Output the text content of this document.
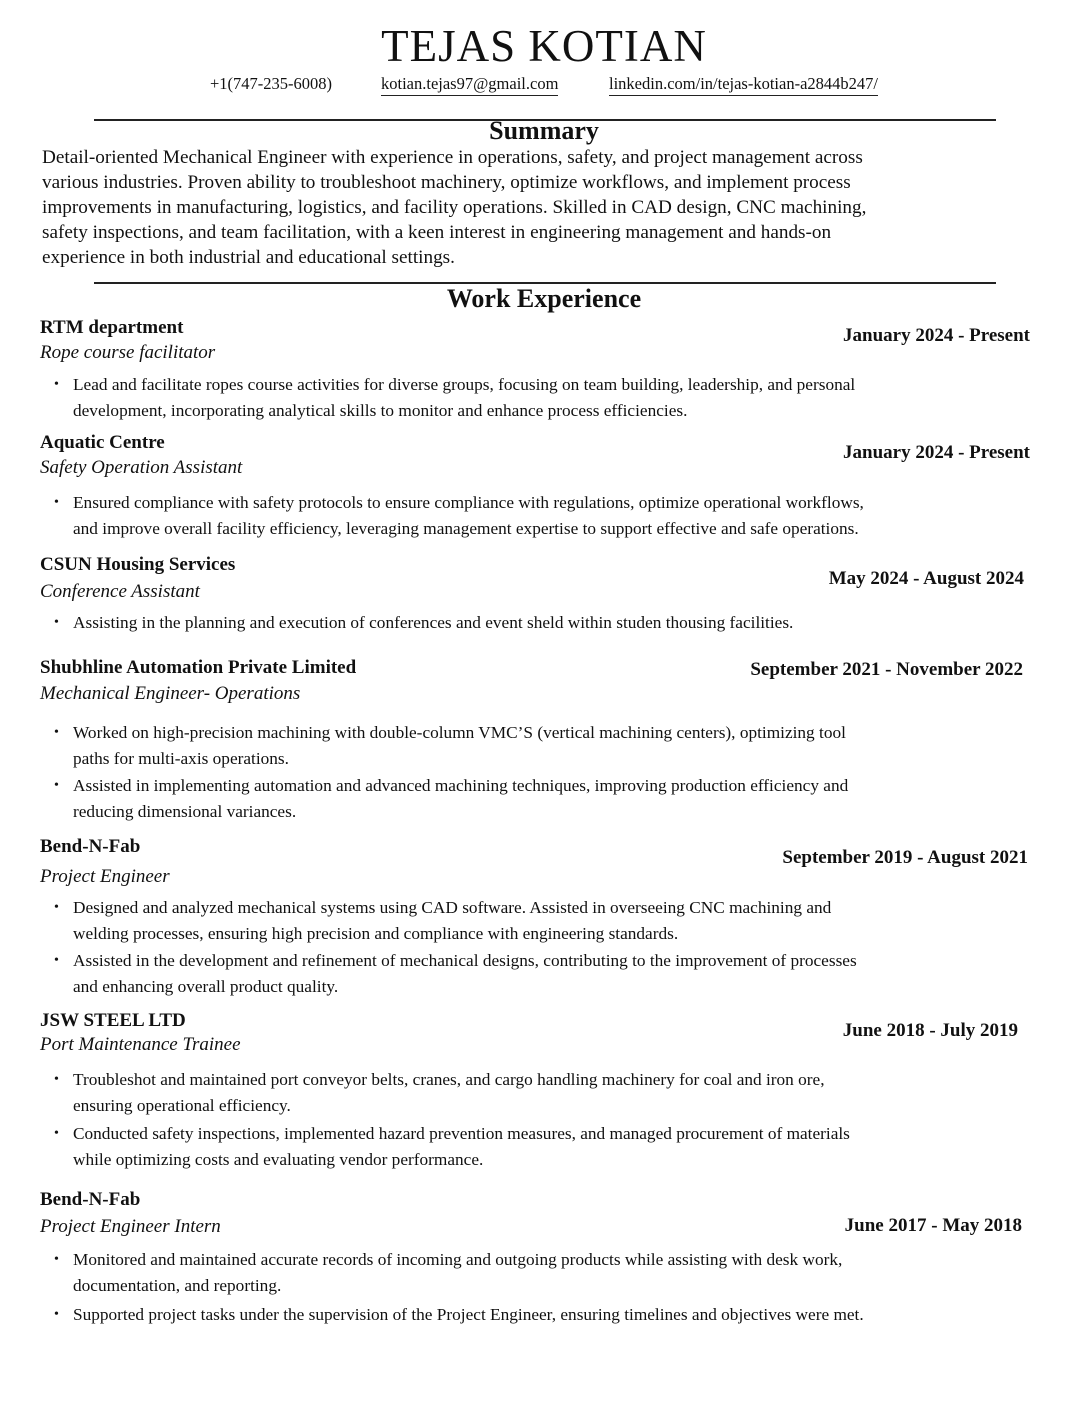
TEJAS KOTIAN
+1(747-235-6008)	kotian.tejas97@gmail.com	linkedin.com/in/tejas-kotian-a2844b247/
Summary
Detail-oriented Mechanical Engineer with experience in operations, safety, and project management across
various industries. Proven ability to troubleshoot machinery, optimize workflows, and implement process
improvements in manufacturing, logistics, and facility operations. Skilled in CAD design, CNC machining,
safety inspections, and team facilitation, with a keen interest in engineering management and hands-on
experience in both industrial and educational settings.
Work Experience
RTM department
Rope course facilitator
January 2024 - Present
• Lead and facilitate ropes course activities for diverse groups, focusing on team building, leadership, and personal
development, incorporating analytical skills to monitor and enhance process efficiencies.
Aquatic Centre
Safety Operation Assistant
January 2024 - Present
• Ensured compliance with safety protocols to ensure compliance with regulations, optimize operational workflows,
and improve overall facility efficiency, leveraging management expertise to support effective and safe operations.
CSUN Housing Services
Conference Assistant
May 2024 - August 2024
• Assisting in the planning and execution of conferences and event sheld within studen thousing facilities.
Shubhline Automation Private Limited
Mechanical Engineer- Operations
September 2021 - November 2022
• Worked on high-precision machining with double-column VMC’S (vertical machining centers), optimizing tool
paths for multi-axis operations.
• Assisted in implementing automation and advanced machining techniques, improving production efficiency and
reducing dimensional variances.
Bend-N-Fab
Project Engineer
September 2019 - August 2021
• Designed and analyzed mechanical systems using CAD software. Assisted in overseeing CNC machining and
welding processes, ensuring high precision and compliance with engineering standards.
• Assisted in the development and refinement of mechanical designs, contributing to the improvement of processes
and enhancing overall product quality.
JSW STEEL LTD
Port Maintenance Trainee
June 2018 - July 2019
• Troubleshot and maintained port conveyor belts, cranes, and cargo handling machinery for coal and iron ore,
ensuring operational efficiency.
• Conducted safety inspections, implemented hazard prevention measures, and managed procurement of materials
while optimizing costs and evaluating vendor performance.
Bend-N-Fab
Project Engineer Intern	June 2017 - May 2018
• Monitored and maintained accurate records of incoming and outgoing products while assisting with desk work,
documentation, and reporting.
• Supported project tasks under the supervision of the Project Engineer, ensuring timelines and objectives were met.
